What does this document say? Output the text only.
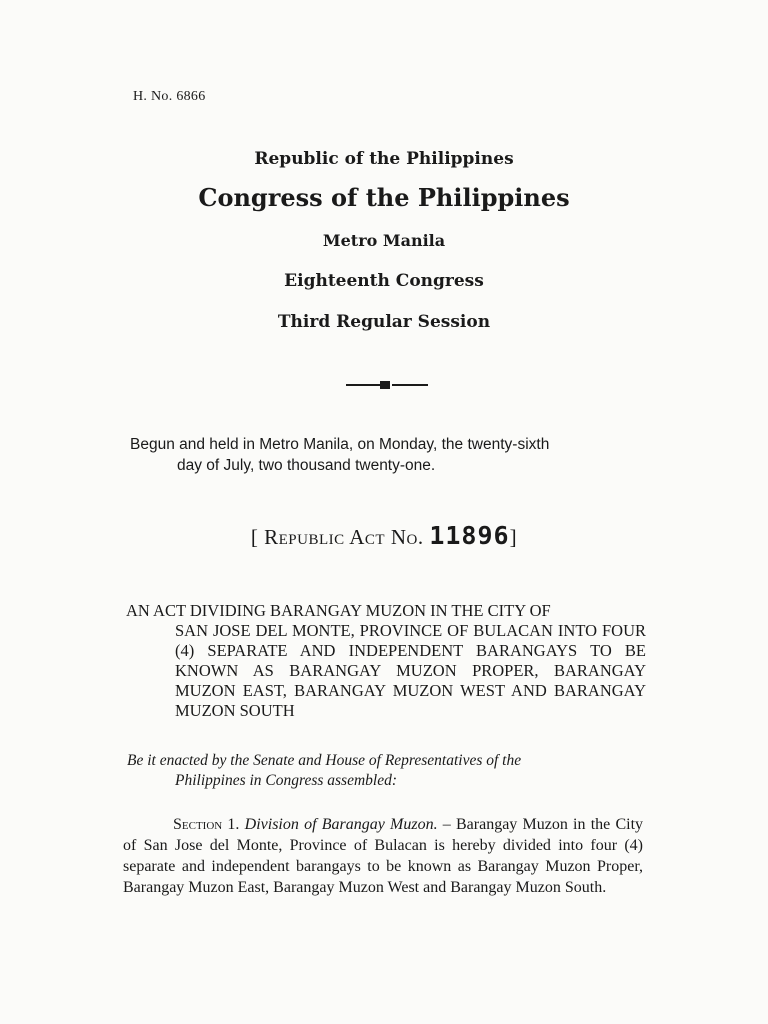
H. No. 6866
Republic of the Philippines
Congress of the Philippines
Metro Manila
Eighteenth Congress
Third Regular Session
Begun and held in Metro Manila, on Monday, the twenty-sixth
day of July, two thousand twenty-one.
[ Republic Act No. 11896]
AN ACT DIVIDING BARANGAY MUZON IN THE CITY OF
SAN JOSE DEL MONTE, PROVINCE OF BULACAN INTO FOUR (4) SEPARATE AND INDEPENDENT BARANGAYS TO BE KNOWN AS BARANGAY MUZON PROPER, BARANGAY MUZON EAST, BARANGAY MUZON WEST AND BARANGAY MUZON SOUTH
Be it enacted by the Senate and House of Representatives of the
Philippines in Congress assembled:
Section 1. Division of Barangay Muzon. – Barangay Muzon in the City of San Jose del Monte, Province of Bulacan is hereby divided into four (4) separate and independent barangays to be known as Barangay Muzon Proper, Barangay Muzon East, Barangay Muzon West and Barangay Muzon South.
